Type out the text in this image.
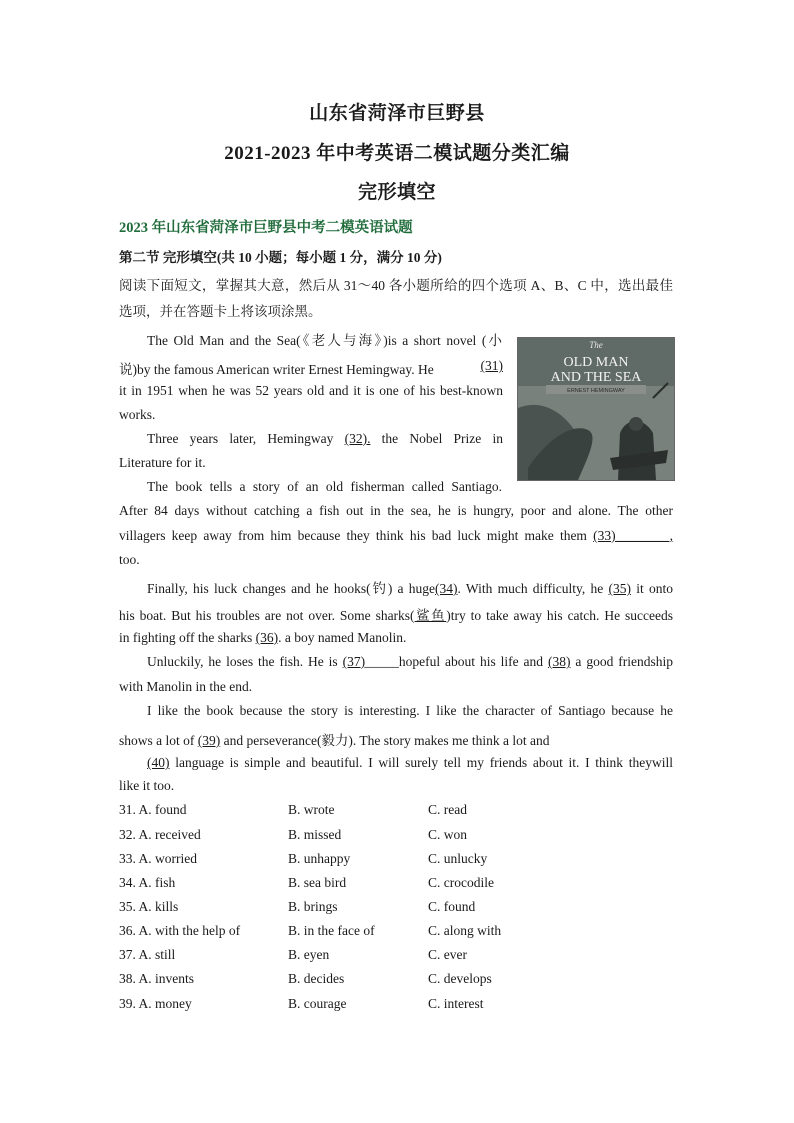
山东省菏泽市巨野县
2021-2023 年中考英语二模试题分类汇编
完形填空
2023 年山东省菏泽市巨野县中考二模英语试题
第二节 完形填空(共 10 小题；每小题 1 分，满分 10 分)
阅读下面短文，掌握其大意，然后从 31～40 各小题所给的四个选项 A、B、C 中，选出最佳
选项，并在答题卡上将该项涂黑。
The
OLD MAN
AND THE SEA
ERNEST HEMINGWAY
The Old Man and the Sea(《老人与海》)is a short novel (小
说)by the famous American writer Ernest Hemingway. He	(31)
it in 1951 when he was 52 years old and it is one of his best-known
works.
Three years later, Hemingway (32). the Nobel Prize in
Literature for it.
The book tells a story of an old fisherman called Santiago.
After 84 days without catching a fish out in the sea, he is hungry, poor and alone. The other
villagers keep away from him because they think his bad luck might make them (33)________,
too.
Finally, his luck changes and he hooks(钓) a huge(34). With much difficulty, he (35) it onto
his boat. But his troubles are not over. Some sharks(鲨鱼)try to take away his catch. He succeeds
in fighting off the sharks (36). a boy named Manolin.
Unluckily, he loses the fish. He is (37)_____hopeful about his life and (38) a good friendship
with Manolin in the end.
I like the book because the story is interesting. I like the character of Santiago because he
shows a lot of (39) and perseverance(毅力). The story makes me think a lot and
(40) language is simple and beautiful. I will surely tell my friends about it. I think theywill
like it too.
31. A. found	B. wrote	C. read
32. A. received	B. missed	C. won
33. A. worried	B. unhappy	C. unlucky
34. A. fish	B. sea bird	C. crocodile
35. A. kills	B. brings	C. found
36. A. with the help of	B. in the face of	C. along with
37. A. still	B. eyen	C. ever
38. A. invents	B. decides	C. develops
39. A. money	B. courage	C. interest
